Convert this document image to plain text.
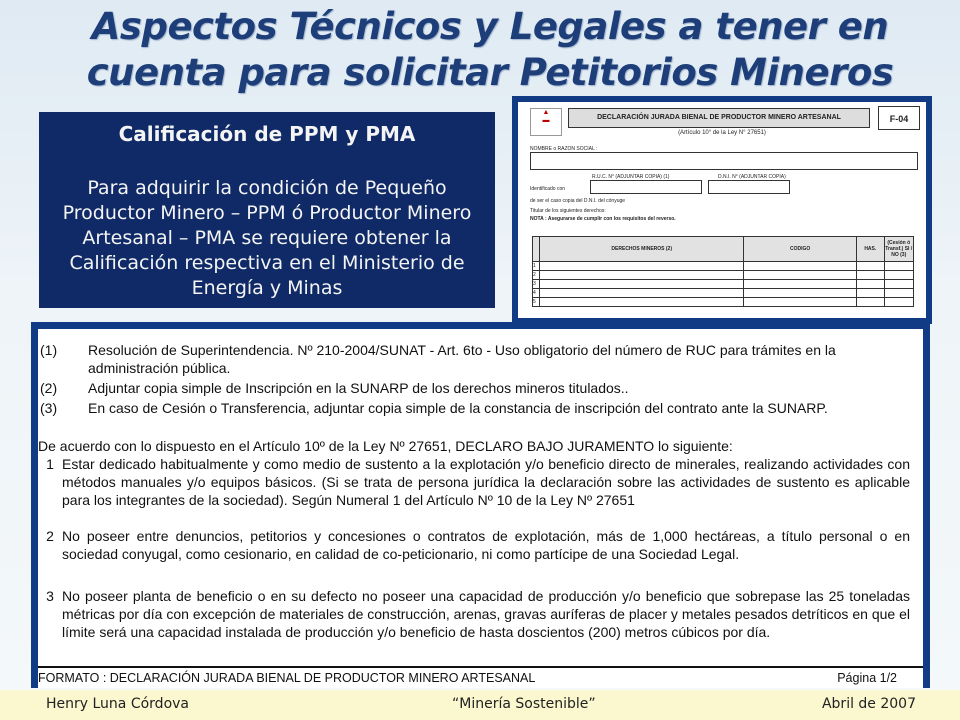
Aspectos Técnicos y Legales a tener en
cuenta para solicitar Petitorios Mineros
Calificación de PPM y PMA

Para adquirir la condición de Pequeño Productor Minero – PPM ó Productor Minero Artesanal – PMA se requiere obtener la Calificación respectiva en el Ministerio de Energía y Minas

▲
▬	DECLARACIÓN JURADA BIENAL DE PRODUCTOR MINERO ARTESANAL	F-04
(Artículo 10° de la Ley N° 27651)
NOMBRE o RAZON SOCIAL :
R.U.C. N° (ADJUNTAR COPIA) (1)	D.N.I. N° (ADJUNTAR COPIA)
Identificado con
de ser el caso copia del D.N.I. del cónyuge
Titular de los siguientes derechos:
NOTA : Asegurarse de cumplir con los requisitos del reverso.
	DERECHOS MINEROS (2)	CODIGO	HAS.	(Cesión ó Transf.) SI / NO (3)
1				
2				
3				
4				
5				
(1)	Resolución de Superintendencia. Nº 210-2004/SUNAT - Art. 6to - Uso obligatorio del número de RUC para trámites en la administración pública.
(2)	Adjuntar copia simple de Inscripción en la SUNARP de los derechos mineros titulados..
(3)	En caso de Cesión o Transferencia, adjuntar copia simple de la constancia de inscripción del contrato ante la SUNARP.
De acuerdo con lo dispuesto en el Artículo 10º de la Ley Nº 27651, DECLARO BAJO JURAMENTO lo siguiente:
1 Estar dedicado habitualmente y como medio de sustento a la explotación y/o beneficio directo de minerales, realizando actividades con métodos manuales y/o equipos básicos. (Si se trata de persona jurídica la declaración sobre las actividades de sustento es aplicable para los integrantes de la sociedad). Según Numeral 1 del Artículo Nº 10 de la Ley Nº 27651
2 No poseer entre denuncios, petitorios y concesiones o contratos de explotación, más de 1,000 hectáreas, a título personal o en sociedad conyugal, como cesionario, en calidad de co-peticionario, ni como partícipe de una Sociedad Legal.
3 No poseer planta de beneficio o en su defecto no poseer una capacidad de producción y/o beneficio que sobrepase las 25 toneladas métricas por día con excepción de materiales de construcción, arenas, gravas auríferas de placer y metales pesados detríticos en que el límite será una capacidad instalada de producción y/o beneficio de hasta doscientos (200) metros cúbicos por día.
FORMATO : DECLARACIÓN JURADA BIENAL DE PRODUCTOR MINERO ARTESANAL	Página 1/2
Henry Luna Córdova	“Minería Sostenible”	Abril de 2007
